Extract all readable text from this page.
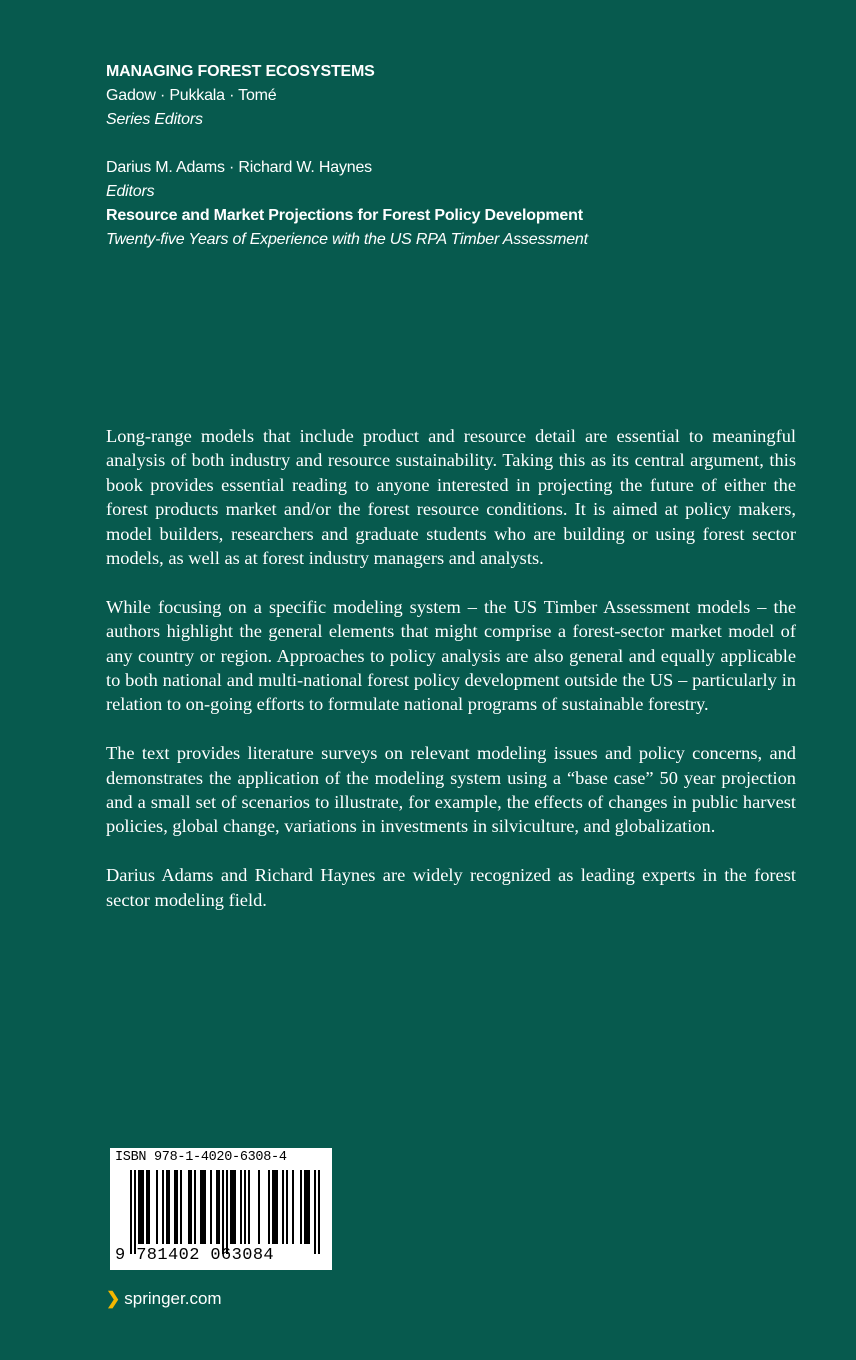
MANAGING FOREST ECOSYSTEMS
Gadow · Pukkala · Tomé
Series Editors
Darius M. Adams · Richard W. Haynes
Editors
Resource and Market Projections for Forest Policy Development
Twenty-five Years of Experience with the US RPA Timber Assessment

Long-range models that include product and resource detail are essential to meaningful analysis of both industry and resource sustainability. Taking this as its central argument, this book provides essential reading to anyone interested in projecting the future of either the forest products market and/or the forest resource conditions. It is aimed at policy makers, model builders, researchers and graduate students who are building or using forest sector models, as well as at forest industry managers and analysts.

While focusing on a specific modeling system – the US Timber Assessment models – the authors highlight the general elements that might comprise a forest-sector market model of any country or region. Approaches to policy analysis are also general and equally applicable to both national and multi-national forest policy development outside the US – particularly in relation to on-going efforts to formulate national programs of sustainable forestry.

The text provides literature surveys on relevant modeling issues and policy concerns, and demonstrates the application of the modeling system using a “base case” 50 year projection and a small set of scenarios to illustrate, for example, the effects of changes in public harvest policies, global change, variations in investments in silviculture, and globalization.

Darius Adams and Richard Haynes are widely recognized as leading experts in the forest sector modeling field.

ISBN 978-1-4020-6308-4
9 781402 063084
❯ springer.com
